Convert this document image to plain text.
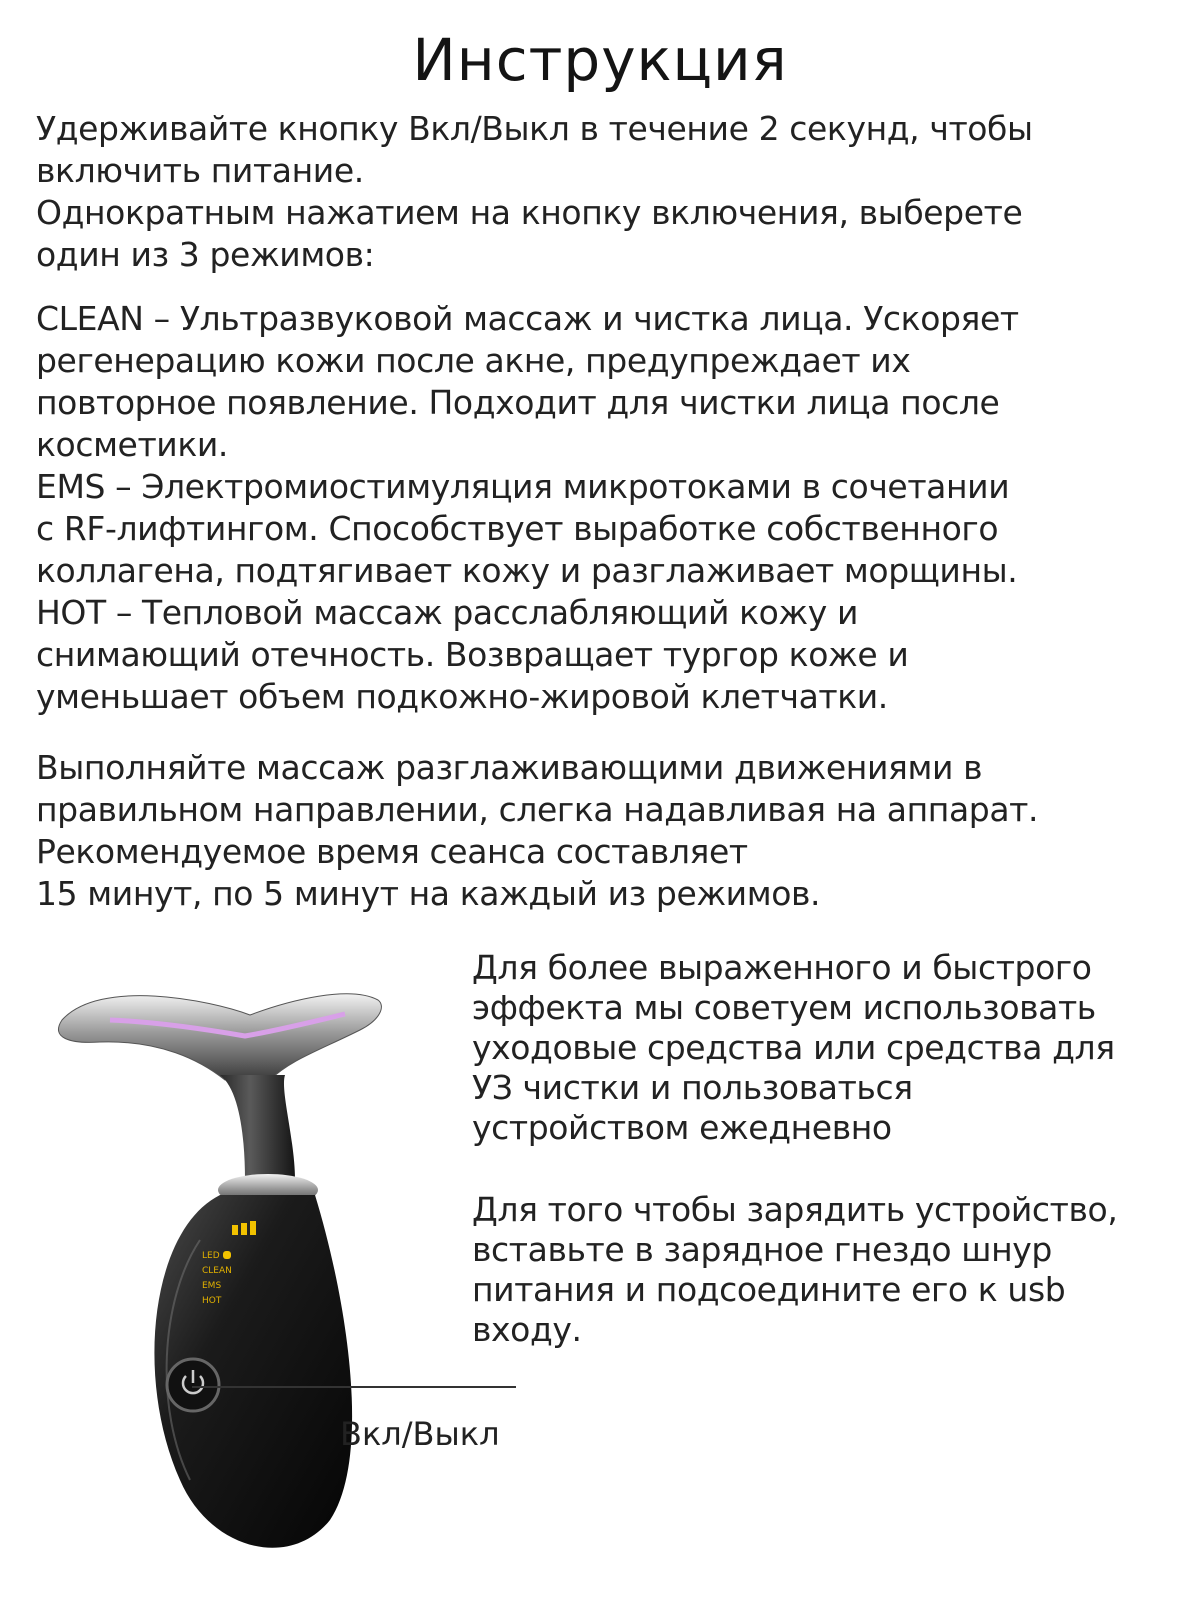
Инструкция
Удерживайте кнопку Вкл/Выкл в течение 2 секунд, чтобы
включить питание.
Однократным нажатием на кнопку включения, выберете
один из 3 режимов:
CLEAN – Ультразвуковой массаж и чистка лица. Ускоряет
регенерацию кожи после акне, предупреждает их
повторное появление. Подходит для чистки лица после
косметики.
EMS – Электромиостимуляция микротоками в сочетании
с RF-лифтингом. Способствует выработке собственного
коллагена, подтягивает кожу и разглаживает морщины.
HOT – Тепловой массаж расслабляющий кожу и
снимающий отечность. Возвращает тургор коже и
уменьшает объем подкожно-жировой клетчатки.
Выполняйте массаж разглаживающими движениями в
правильном направлении, слегка надавливая на аппарат.
Рекомендуемое время сеанса составляет
15 минут, по 5 минут на каждый из режимов.
Для более выраженного и быстрого
эффекта мы советуем использовать
уходовые средства или средства для
УЗ чистки и пользоваться
устройством ежедневно
Для того чтобы зарядить устройство,
вставьте в зарядное гнездо шнур
питания и подсоедините его к usb
входу.
LED
CLEAN
EMS
HOT
Вкл/Выкл
